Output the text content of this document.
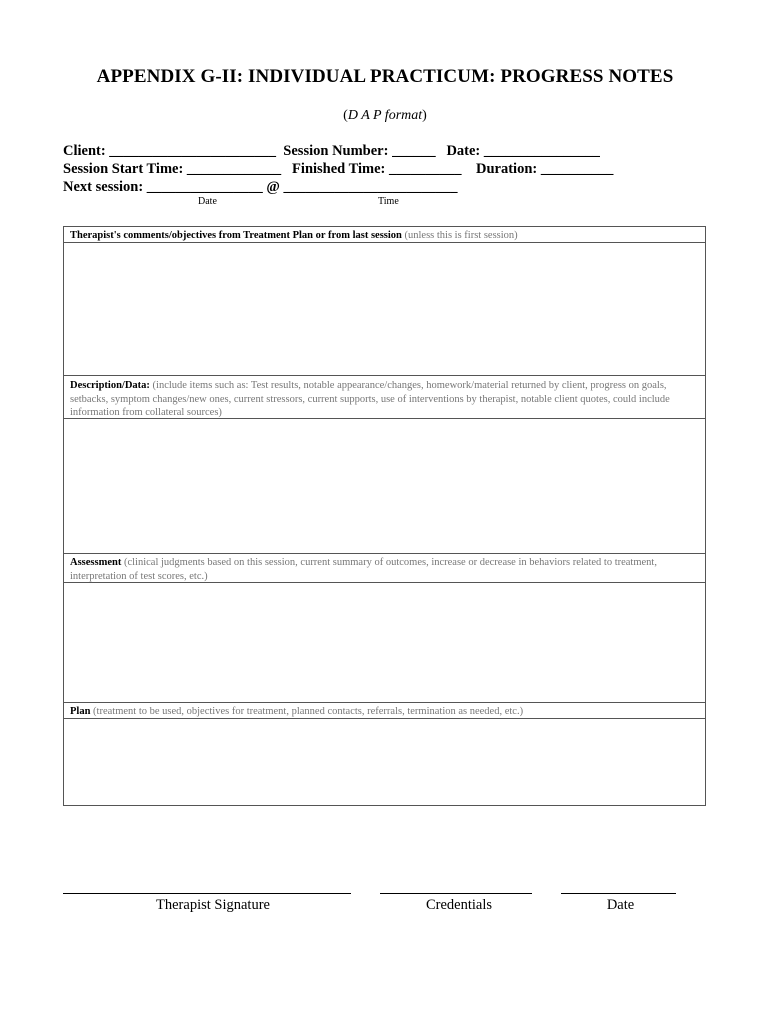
APPENDIX G-II: INDIVIDUAL PRACTICUM: PROGRESS NOTES
(D A P format)
Client: _______________________  Session Number: ______   Date: ________________
Session Start Time: _____________   Finished Time: __________    Duration: __________
Next session: ________________ @ ________________________
Date	Time
Therapist's comments/objectives from Treatment Plan or from last session (unless this is first session)
Description/Data: (include items such as: Test results, notable appearance/changes, homework/material returned by client, progress on goals, setbacks, symptom changes/new ones, current stressors, current supports, use of interventions by therapist, notable client quotes, could include information from collateral sources)
Assessment (clinical judgments based on this session, current summary of outcomes, increase or decrease in behaviors related to treatment, interpretation of test scores, etc.)
Plan (treatment to be used, objectives for treatment, planned contacts, referrals, termination as needed, etc.)
Therapist Signature	Credentials	Date
